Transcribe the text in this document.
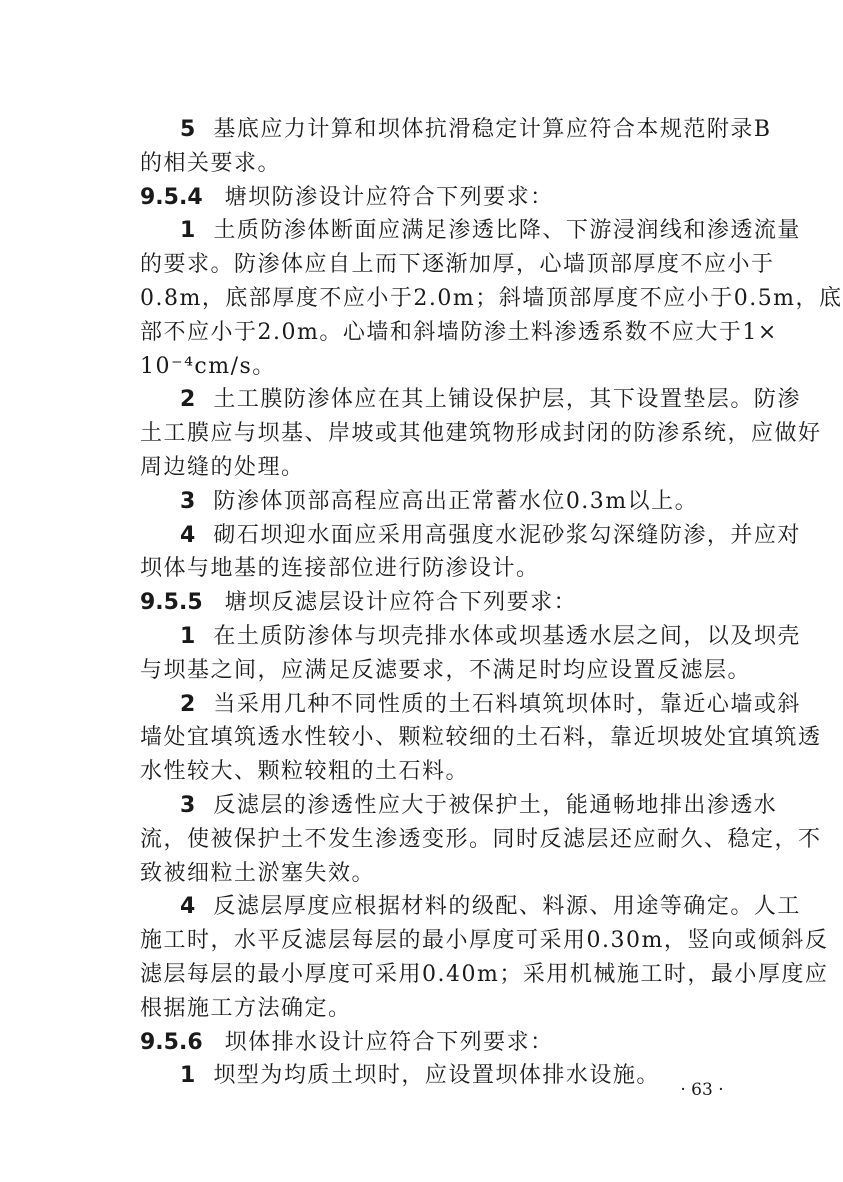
· 63 ·
5 基底应力计算和坝体抗滑稳定计算应符合本规范附录B
的相关要求。
9.5.4 塘坝防渗设计应符合下列要求：
1 土质防渗体断面应满足渗透比降、下游浸润线和渗透流量
的要求。防渗体应自上而下逐渐加厚，心墙顶部厚度不应小于
0.8m，底部厚度不应小于2.0m；斜墙顶部厚度不应小于0.5m，底
部不应小于2.0m。心墙和斜墙防渗土料渗透系数不应大于1×
10⁻⁴cm/s。
2 土工膜防渗体应在其上铺设保护层，其下设置垫层。防渗
土工膜应与坝基、岸坡或其他建筑物形成封闭的防渗系统，应做好
周边缝的处理。
3 防渗体顶部高程应高出正常蓄水位0.3m以上。
4 砌石坝迎水面应采用高强度水泥砂浆勾深缝防渗，并应对
坝体与地基的连接部位进行防渗设计。
9.5.5 塘坝反滤层设计应符合下列要求：
1 在土质防渗体与坝壳排水体或坝基透水层之间，以及坝壳
与坝基之间，应满足反滤要求，不满足时均应设置反滤层。
2 当采用几种不同性质的土石料填筑坝体时，靠近心墙或斜
墙处宜填筑透水性较小、颗粒较细的土石料，靠近坝坡处宜填筑透
水性较大、颗粒较粗的土石料。
3 反滤层的渗透性应大于被保护土，能通畅地排出渗透水
流，使被保护土不发生渗透变形。同时反滤层还应耐久、稳定，不
致被细粒土淤塞失效。
4 反滤层厚度应根据材料的级配、料源、用途等确定。人工
施工时，水平反滤层每层的最小厚度可采用0.30m，竖向或倾斜反
滤层每层的最小厚度可采用0.40m；采用机械施工时，最小厚度应
根据施工方法确定。
9.5.6 坝体排水设计应符合下列要求：
1 坝型为均质土坝时，应设置坝体排水设施。
